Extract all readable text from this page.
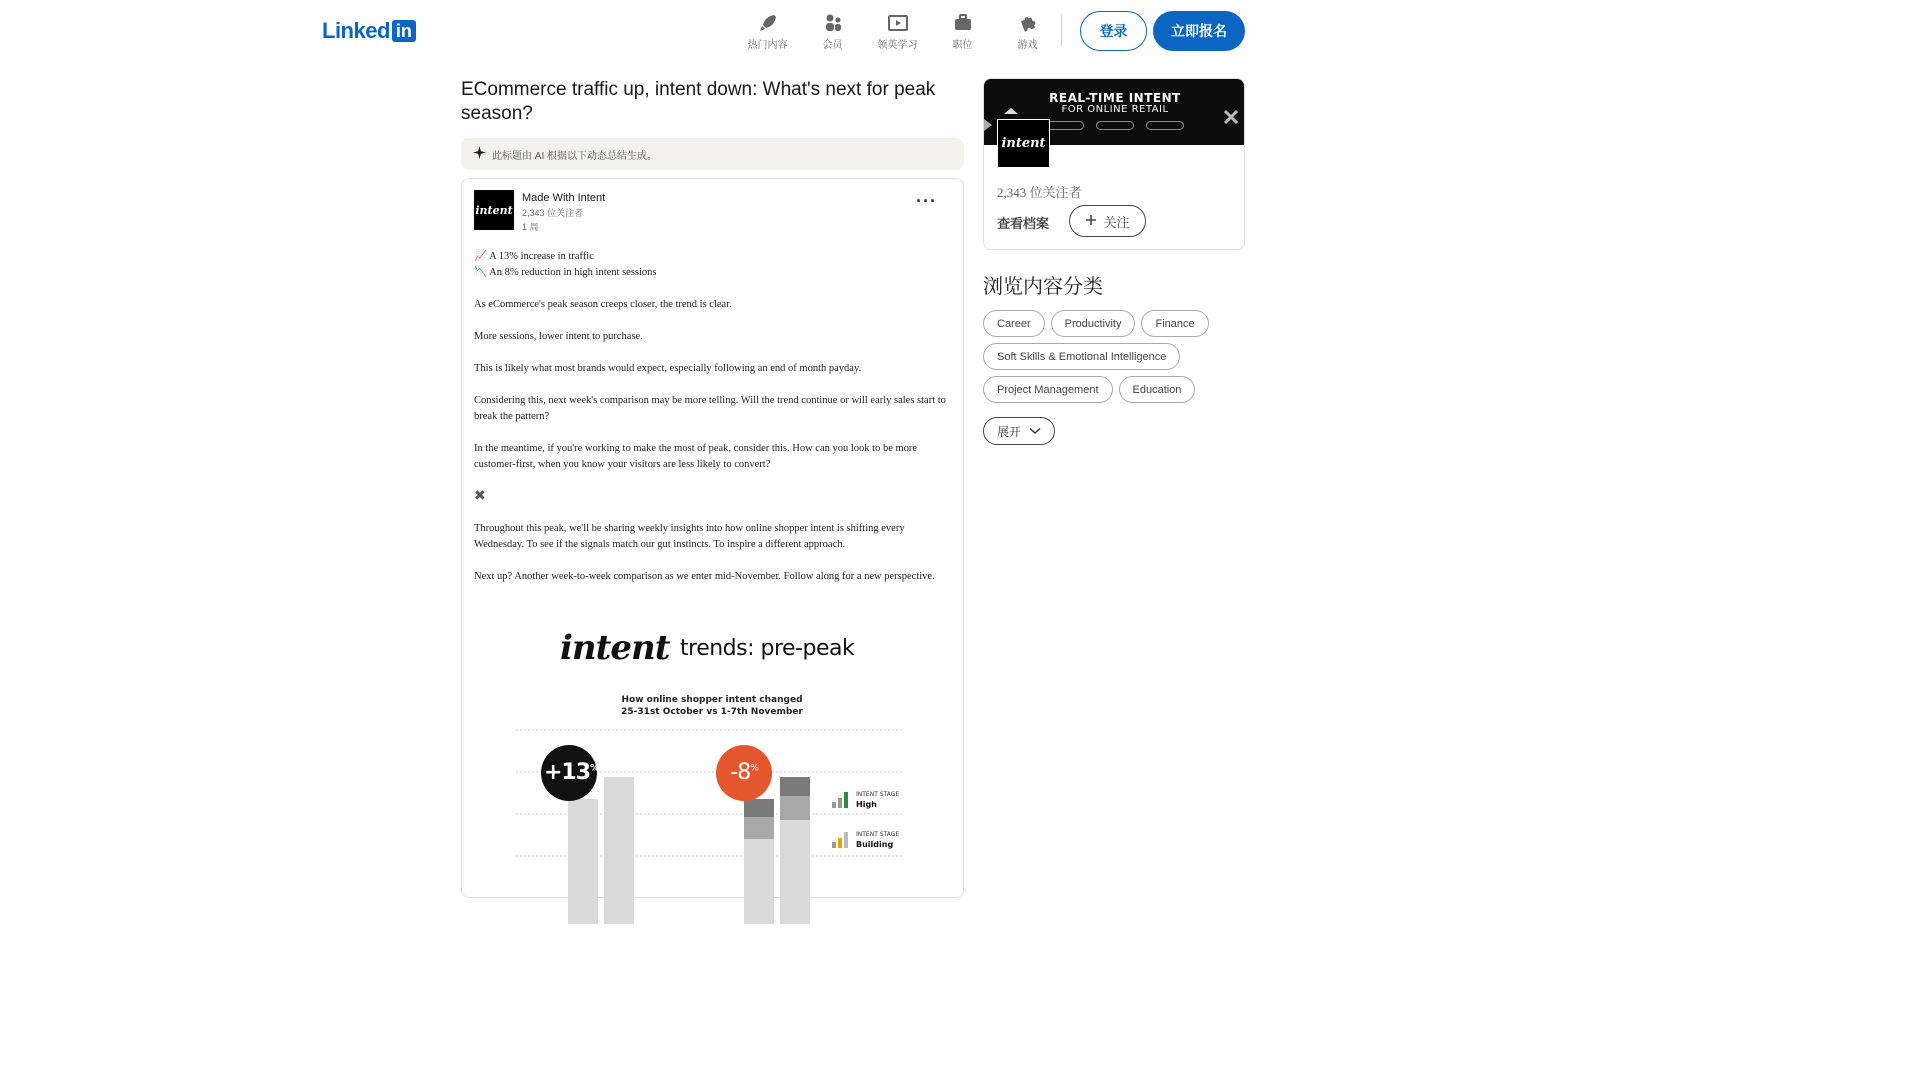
Linked in
热门内容	会员	领英学习	职位	游戏
登录	立即报名
ECommerce traffic up, intent down: What's next for peak season?
此标题由 AI 根据以下动态总结生成。
intent
Made With Intent
2,343 位关注者
1 周
···

📈 A 13% increase in traffic

📉 An 8% reduction in high intent sessions

As eCommerce's peak season creeps closer, the trend is clear.

More sessions, lower intent to purchase.

This is likely what most brands would expect, especially following an end of month payday.

Considering this, next week's comparison may be more telling. Will the trend continue or will early sales start to break the pattern?

In the meantime, if you're working to make the most of peak, consider this. How can you look to be more customer-first, when you know your visitors are less likely to convert?

✖

Throughout this peak, we'll be sharing weekly insights into how online shopper intent is shifting every Wednesday. To see if the signals match our gut instincts. To inspire a different approach.

Next up? Another week-to-week comparison as we enter mid-November. Follow along for a new perspective.

intent trends: pre-peak
How online shopper intent changed
25-31st October vs 1-7th November
+13%	-8%
INTENT STAGE
High
INTENT STAGE
Building
REAL-TIME INTENT
FOR ONLINE RETAIL
intent
2,343 位关注者
查看档案	关注
浏览内容分类
Career	Productivity	Finance
Soft Skills & Emotional Intelligence
Project Management	Education
展开
